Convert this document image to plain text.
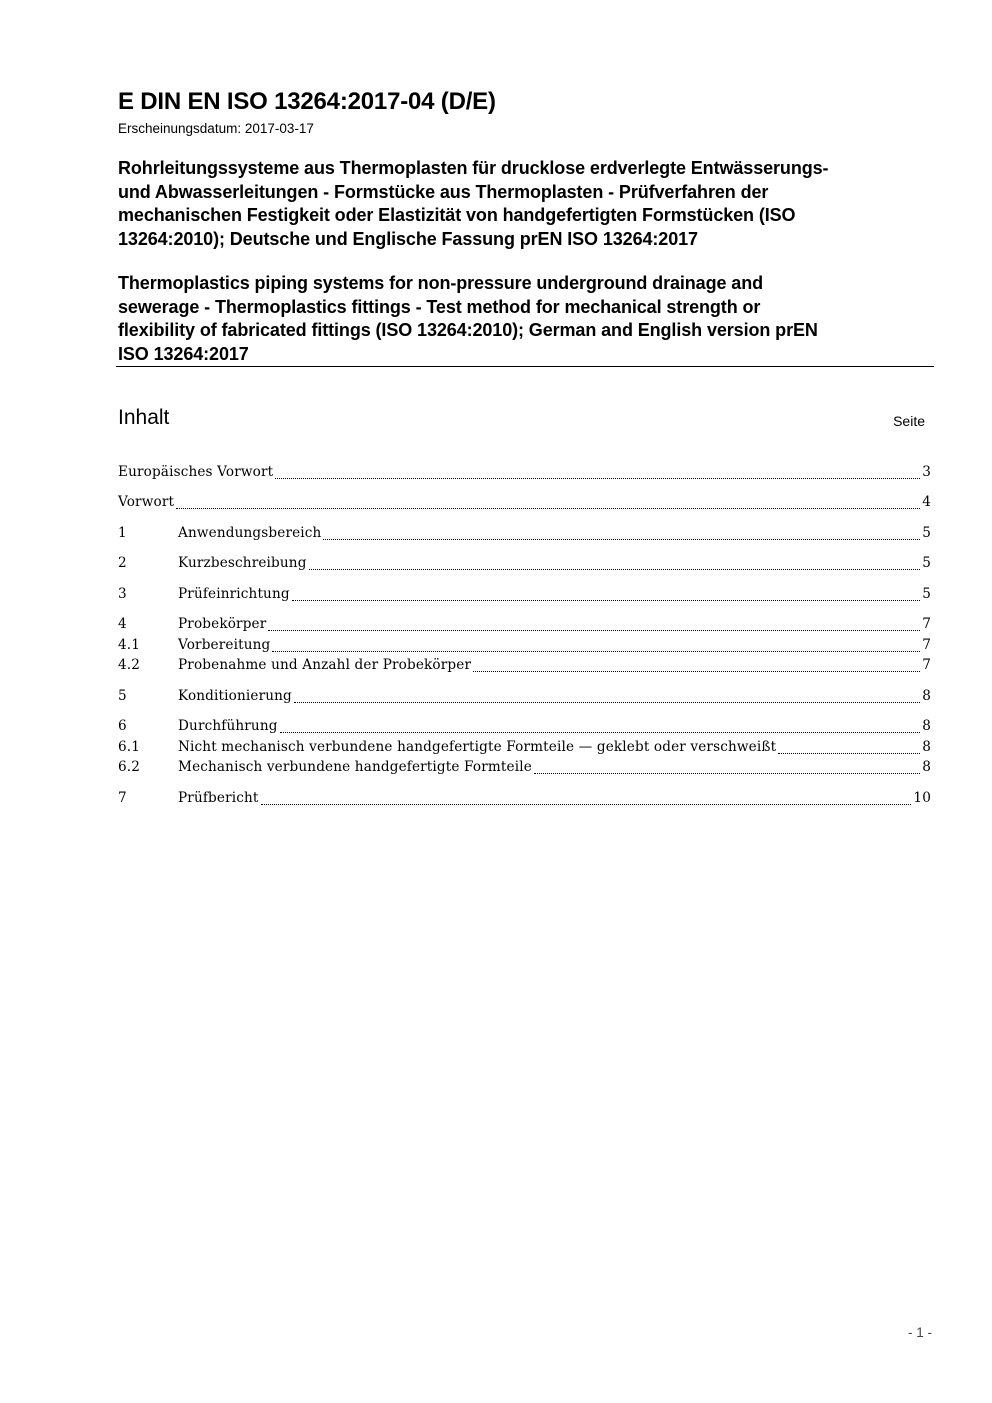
E DIN EN ISO 13264:2017-04 (D/E)
Erscheinungsdatum: 2017-03-17
Rohrleitungssysteme aus Thermoplasten für drucklose erdverlegte Entwässerungs-
und Abwasserleitungen - Formstücke aus Thermoplasten - Prüfverfahren der
mechanischen Festigkeit oder Elastizität von handgefertigten Formstücken (ISO
13264:2010); Deutsche und Englische Fassung prEN ISO 13264:2017
Thermoplastics piping systems for non-pressure underground drainage and
sewerage - Thermoplastics fittings - Test method for mechanical strength or
flexibility of fabricated fittings (ISO 13264:2010); German and English version prEN
ISO 13264:2017
Inhalt	Seite
Europäisches Vorwort	3
Vorwort	4
1	Anwendungsbereich	5
2	Kurzbeschreibung	5
3	Prüfeinrichtung	5
4	Probekörper	7
4.1	Vorbereitung	7
4.2	Probenahme und Anzahl der Probekörper	7
5	Konditionierung	8
6	Durchführung	8
6.1	Nicht mechanisch verbundene handgefertigte Formteile — geklebt oder verschweißt	8
6.2	Mechanisch verbundene handgefertigte Formteile	8
7	Prüfbericht	10
- 1 -
